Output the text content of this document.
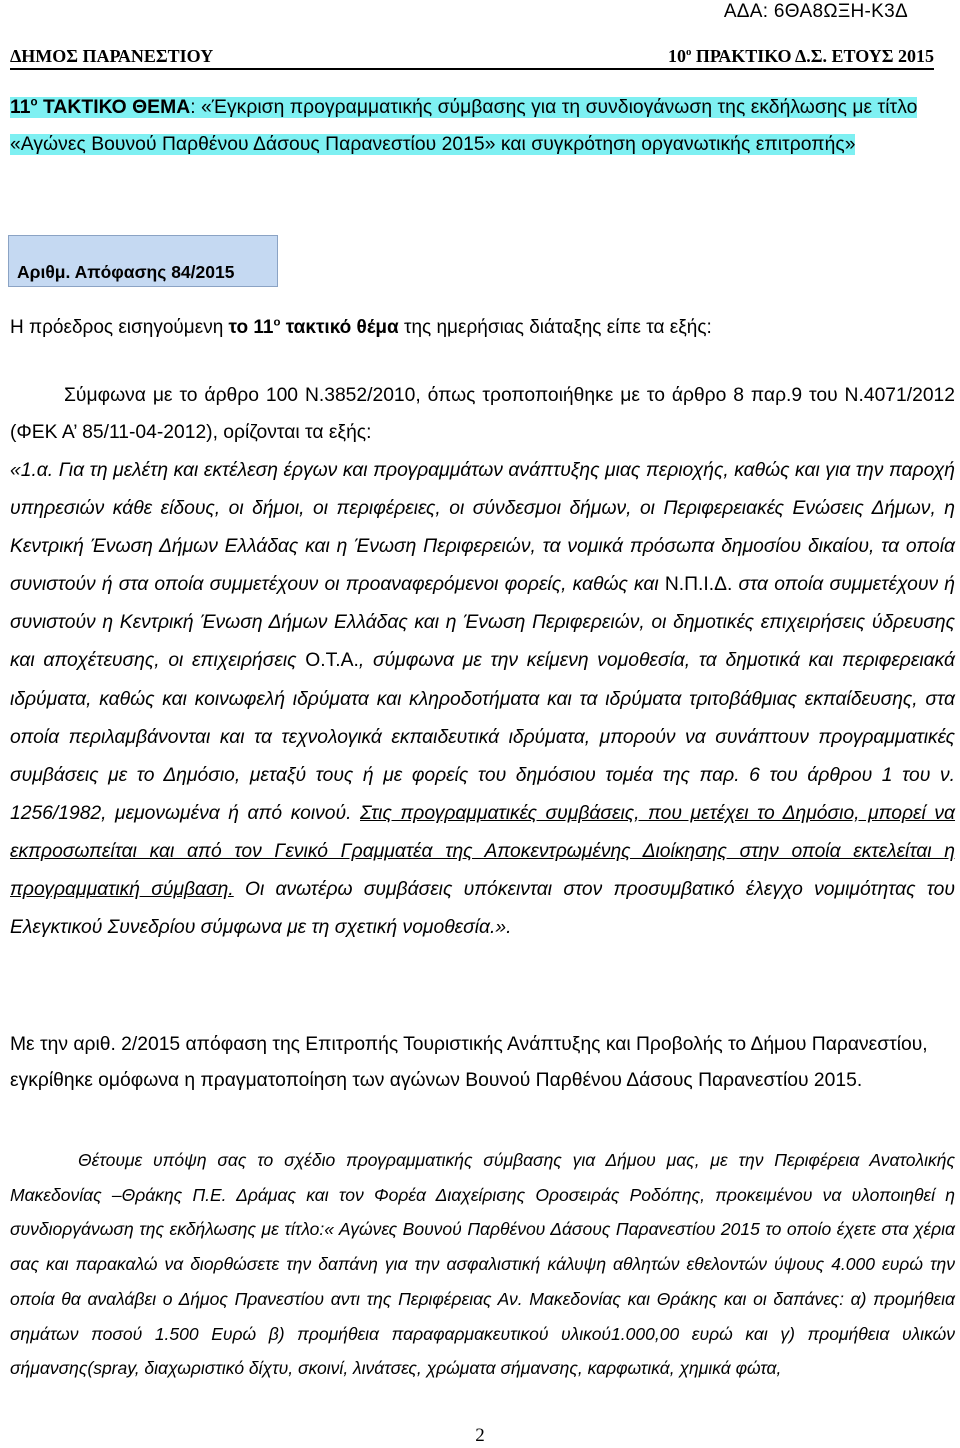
ΑΔΑ: 6ΘΑ8ΩΞΗ-Κ3Δ
ΔΗΜΟΣ ΠΑΡΑΝΕΣΤΙΟΥ	$10^o$ ΠΡΑΚΤΙΚΟ Δ.Σ. ΕΤΟΥΣ 2015
$11^o$ ΤΑΚΤΙΚΟ ΘΕΜΑ: «Έγκριση προγραμματικής σύμβασης για τη συνδιογάνωση της εκδήλωσης με τίτλο «Αγώνες Βουνού Παρθένου Δάσους Παρανεστίου 2015» και συγκρότηση οργανωτικής επιτροπής»
Αριθμ. Απόφασης 84/2015
Η πρόεδρος εισηγούμενη το $11^o$ τακτικό θέμα της ημερήσιας διάταξης είπε τα εξής:
Σύμφωνα με το άρθρο 100 Ν.3852/2010, όπως τροποποιήθηκε με το άρθρο 8 παρ.9 του Ν.4071/2012 (ΦΕΚ Α’ 85/11-04-2012), ορίζονται τα εξής:
«1.α. Για τη μελέτη και εκτέλεση έργων και προγραμμάτων ανάπτυξης μιας περιοχής, καθώς και για την παροχή υπηρεσιών κάθε είδους, οι δήμοι, οι περιφέρειες, οι σύνδεσμοι δήμων, οι Περιφερειακές Ενώσεις Δήμων, η Κεντρική Ένωση Δήμων Ελλάδας και η Ένωση Περιφερειών, τα νομικά πρόσωπα δημοσίου δικαίου, τα οποία συνιστούν ή στα οποία συμμετέχουν οι προαναφερόμενοι φορείς, καθώς και Ν.Π.Ι.Δ. στα οποία συμμετέχουν ή συνιστούν η Κεντρική Ένωση Δήμων Ελλάδας και η Ένωση Περιφερειών, οι δημοτικές επιχειρήσεις ύδρευσης και αποχέτευσης, οι επιχειρήσεις Ο.Τ.Α., σύμφωνα με την κείμενη νομοθεσία, τα δημοτικά και περιφερειακά ιδρύματα, καθώς και κοινωφελή ιδρύματα και κληροδοτήματα και τα ιδρύματα τριτοβάθμιας εκπαίδευσης, στα οποία περιλαμβάνονται και τα τεχνολογικά εκπαιδευτικά ιδρύματα, μπορούν να συνάπτουν προγραμματικές συμβάσεις με το Δημόσιο, μεταξύ τους ή με φορείς του δημόσιου τομέα της παρ. 6 του άρθρου 1 του ν. 1256/1982, μεμονωμένα ή από κοινού. Στις προγραμματικές συμβάσεις, που μετέχει το Δημόσιο, μπορεί να εκπροσωπείται και από τον Γενικό Γραμματέα της Αποκεντρωμένης Διοίκησης στην οποία εκτελείται η προγραμματική σύμβαση. Οι ανωτέρω συμβάσεις υπόκεινται στον προσυμβατικό έλεγχο νομιμότητας του Ελεγκτικού Συνεδρίου σύμφωνα με τη σχετική νομοθεσία.».
Με την αριθ. 2/2015 απόφαση της Επιτροπής Τουριστικής Ανάπτυξης και Προβολής το Δήμου Παρανεστίου, εγκρίθηκε ομόφωνα η πραγματοποίηση των αγώνων Βουνού Παρθένου Δάσους Παρανεστίου 2015.
Θέτουμε υπόψη σας το σχέδιο προγραμματικής σύμβασης για Δήμου μας, με την Περιφέρεια Ανατολικής Μακεδονίας –Θράκης Π.Ε. Δράμας και τον Φορέα Διαχείρισης Οροσειράς Ροδόπης, προκειμένου να υλοποιηθεί η συνδιοργάνωση της εκδήλωσης με τίτλο:« Αγώνες Βουνού Παρθένου Δάσους Παρανεστίου 2015 το οποίο έχετε στα χέρια σας και παρακαλώ να διορθώσετε την δαπάνη για την ασφαλιστική κάλυψη αθλητών εθελοντών ύψους 4.000 ευρώ την οποία θα αναλάβει ο Δήμος Πρανεστίου αντι της Περιφέρειας Αν. Μακεδονίας και Θράκης και οι δαπάνες: α) προμήθεια σημάτων ποσού 1.500 Ευρώ β) προμήθεια παραφαρμακευτικού υλικού1.000,00 ευρώ και γ) προμήθεια υλικών σήμανσης(spray, διαχωριστικό δίχτυ, σκοινί, λινάτσες, χρώματα σήμανσης, καρφωτικά, χημικά φώτα,
2
